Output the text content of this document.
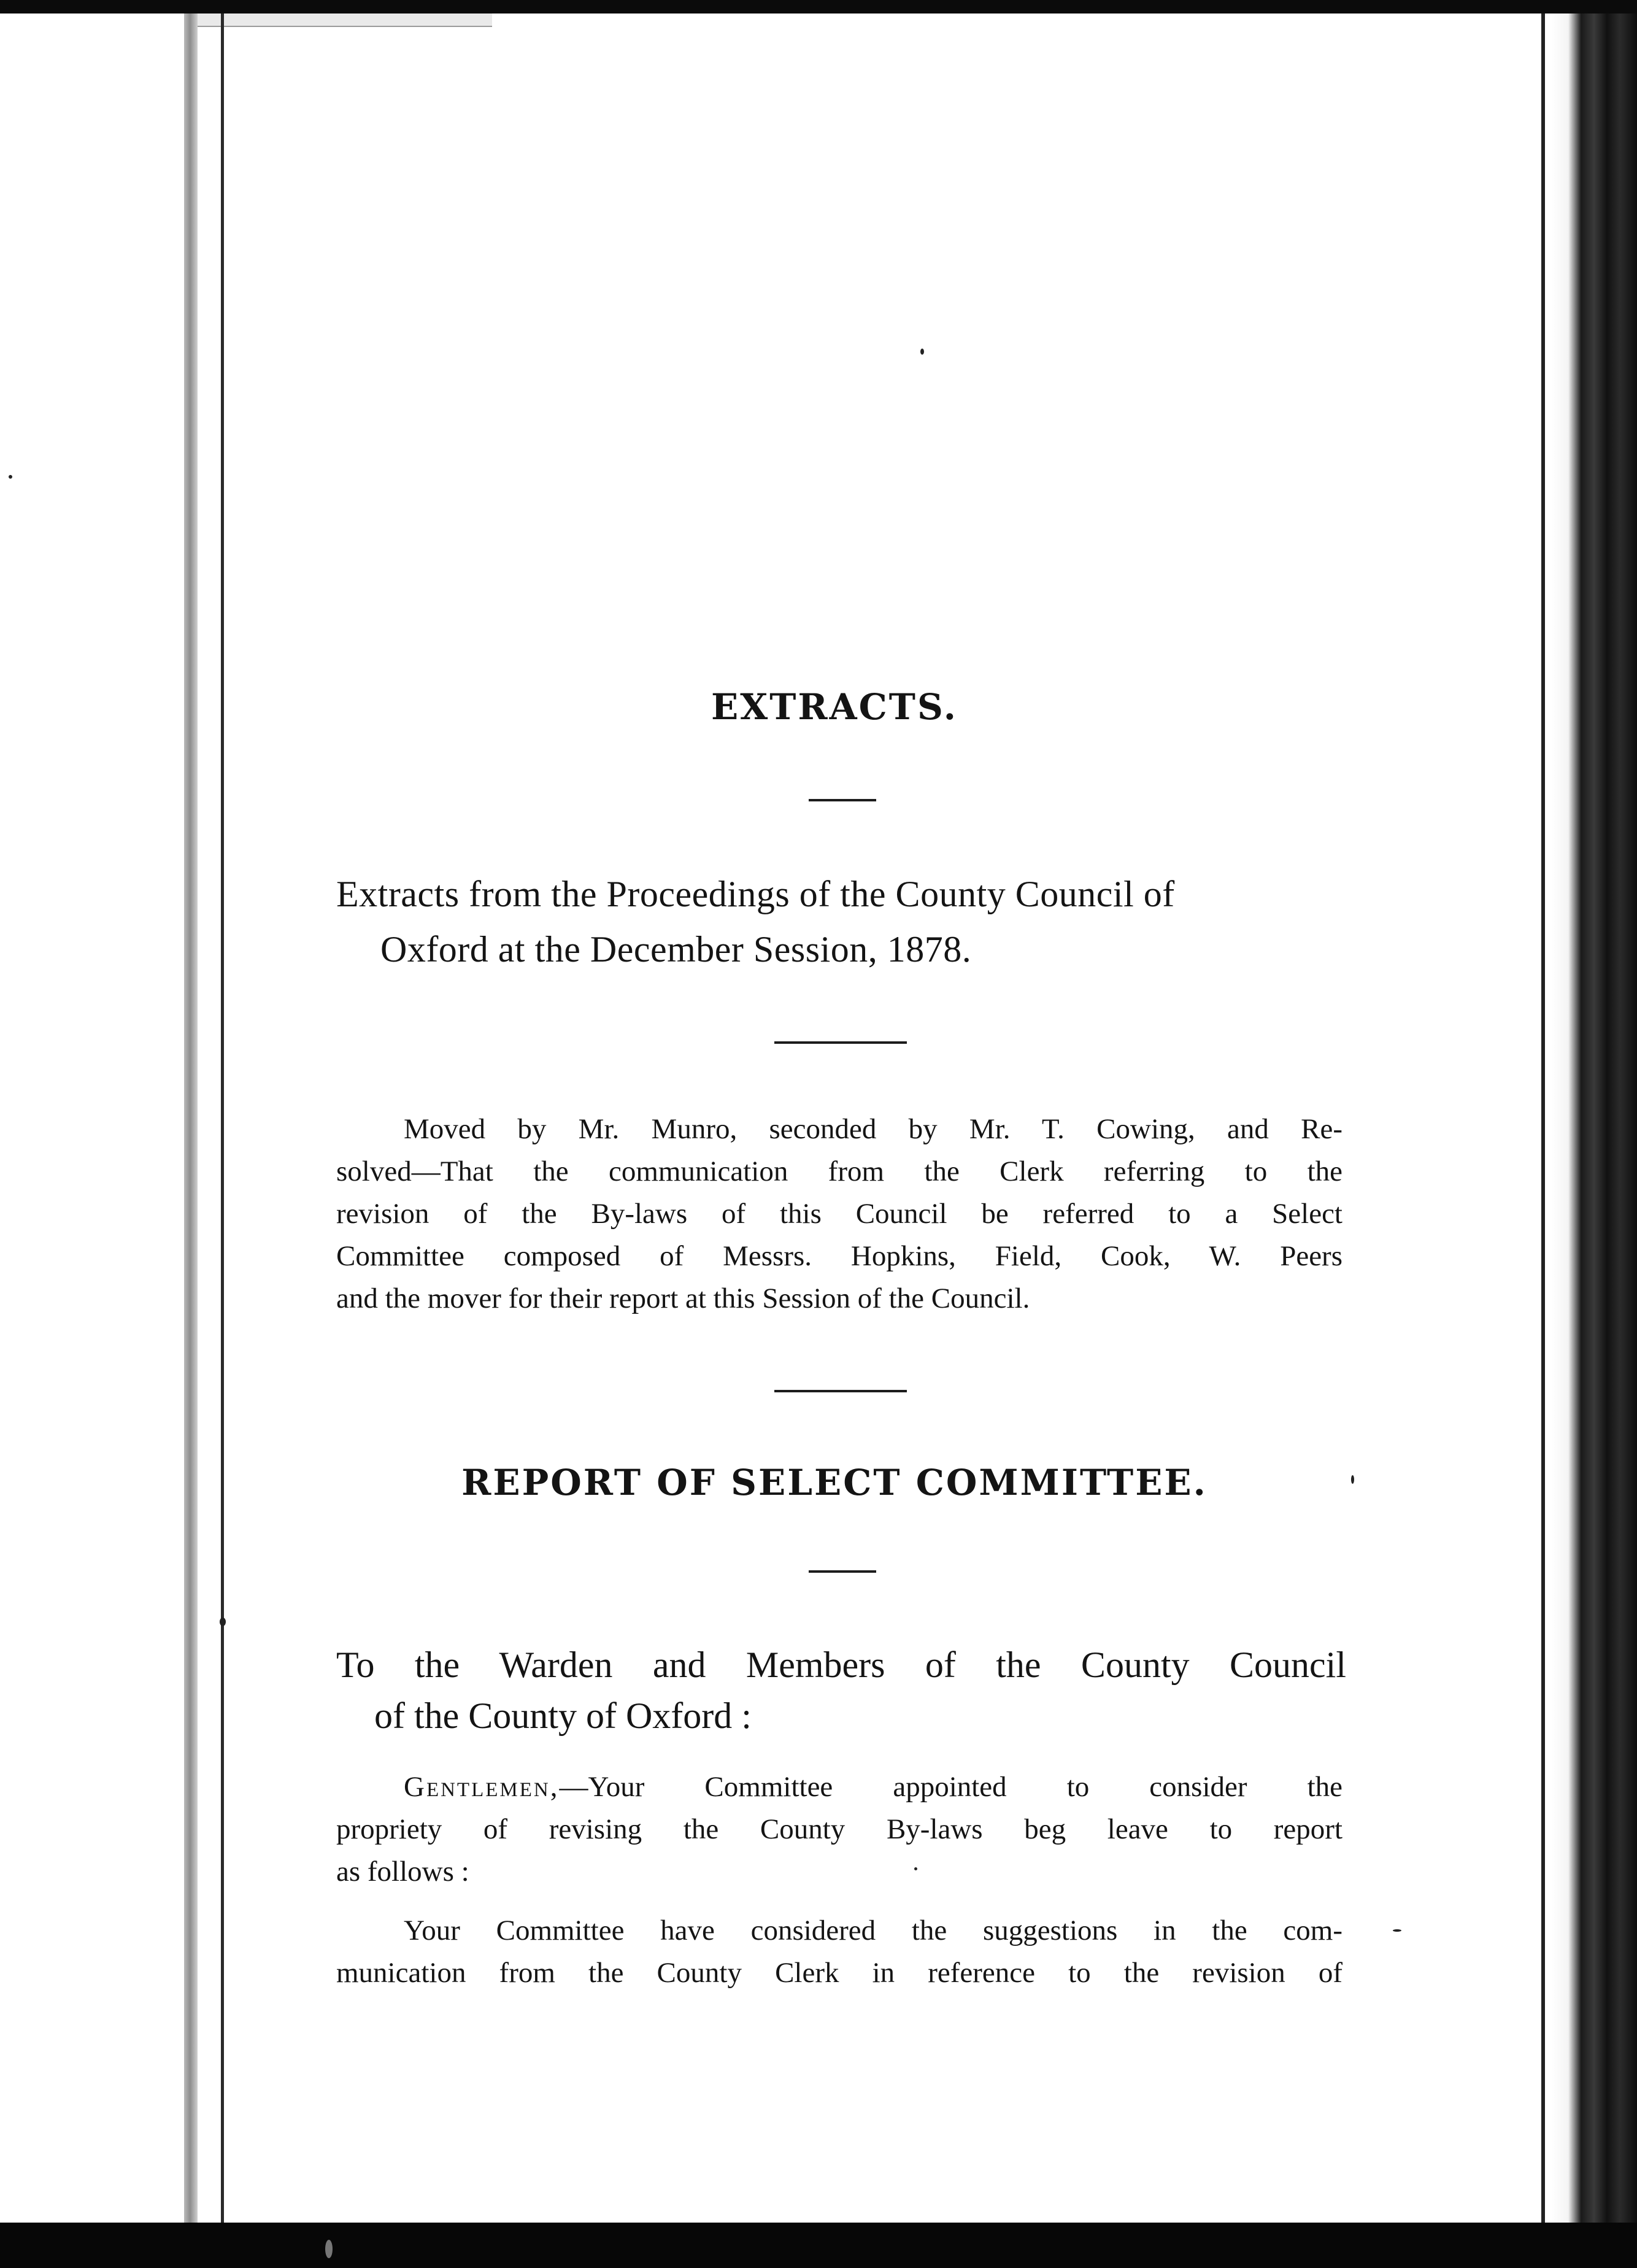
EXTRACTS.
Extracts from the Proceedings of the County Council of
Oxford at the December Session, 1878.
Moved by Mr. Munro, seconded by Mr. T. Cowing, and Re-
solved—That the communication from the Clerk referring to the
revision of the By-laws of this Council be referred to a Select
Committee composed of Messrs. Hopkins, Field, Cook, W. Peers
and the mover for their report at this Session of the Council.
REPORT OF SELECT COMMITTEE.
To the Warden and Members of the County Council
of the County of Oxford :
Gentlemen,—Your Committee appointed to consider the
propriety of revising the County By-laws beg leave to report
as follows :
Your Committee have considered the suggestions in the com-
munication from the County Clerk in reference to the revision of
